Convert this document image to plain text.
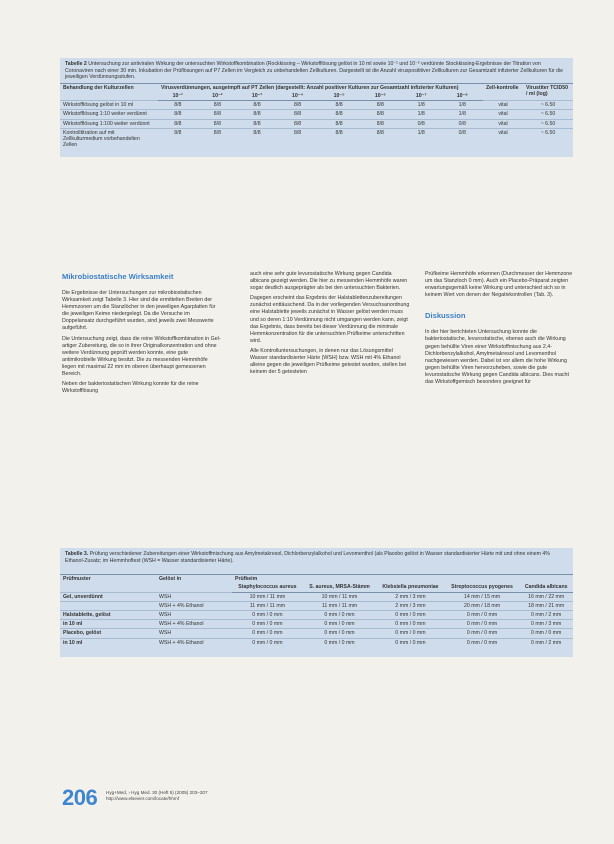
Tabelle 2 Untersuchung zur antiviralen Wirkung der untersuchten Wirkstoffkombination (Rockkissing – Wirkstofflösung gelöst in 10 ml sowie 10⁻¹ und 10⁻² verdünnte Stockkissing-Ergebnisse der Titration von Coronaviren nach einer 30 min. Inkubation der Prüflösungen auf P7 Zellen im Vergleich zu unbehandelten Zellkulturen. Dargestellt ist die Anzahl virusposititiver Zellkulturen zur Gesamtzahl infizierter Zellkulturen für die jeweiligen Verdünnungsstufen.
Behandlung der Kulturzellen	Virusverdünnungen, ausgeimpft auf PT Zellen (dargestellt: Anzahl positiver Kulturen zur Gesamtzahl infizierter Kulturen)								Zell-kontrolle	Virustiter TCID50 / ml (log)
	10⁻¹	10⁻²	10⁻³	10⁻⁴	10⁻⁵	10⁻⁶	10⁻⁷	10⁻⁸		
Wirkstofflösung gelöst in 10 ml	8/8	8/8	8/8	8/8	8/8	8/8	1/8	1/8	vital	~ 6.50
Wirkstofflösung 1:10 weiter verdünnt	8/8	8/8	8/8	8/8	8/8	8/8	1/8	1/8	vital	~ 6.50
Wirkstofflösung 1:100 weiter verdünnt	8/8	8/8	8/8	8/8	8/8	8/8	0/8	0/8	vital	~ 6.50
Kontrolltitration auf mit Zellkulturmedium vorbehandelten Zellen	8/8	8/8	8/8	8/8	8/8	8/8	1/8	0/8	vital	~ 6.50
Mikrobiostatische Wirksamkeit

Die Ergebnisse der Untersuchungen zur mikrobiostatischen Wirksamkeit zeigt Tabelle 3. Hier sind die ermittelten Breiten der Hemmzonen um die Stanzlöcher in den jeweiligen Agarplatten für die jeweiligen Keime niedergelegt. Da die Versuche im Doppelansatz durchgeführt wurden, sind jeweils zwei Messwerte aufgeführt.

Die Untersuchung zeigt, dass die reine Wirkstoffkombination in Gel-artiger Zubereitung, die so in ihrer Originalkonzentration und ohne weitere Verdünnung geprüft werden konnte, eine gute antimikrobielle Wirkung besitzt. Die zu messenden Hemmhöfe liegen mit maximal 22 mm im oberen überhaupt gemessenen Bereich.

Neben der bakteriostatischen Wirkung konnte für die reine Wirkstofflösung

auch eine sehr gute levurostatische Wirkung gegen Candida albicans gezeigt werden. Die hier zu messenden Hemmhöfe waren sogar deutlich ausgeprägter als bei den untersuchten Bakterien.

Dagegen erscheint das Ergebnis der Halstablettenzubereitungen zunächst enttäuschend. Da in der vorliegenden Versuchsanordnung eine Halstablette jeweils zunächst in Wasser gelöst werden muss und so deren 1:10 Verdünnung nicht umgangen werden kann, zeigt das Ergebnis, dass bereits bei dieser Verdünnung die minimale Hemmkonzentration für die untersuchten Prüfkeime unterschritten wird.

Alle Kontrolluntersuchungen, in denen nur das Lösungsmittel Wasser standardisierter Härte (WSH) bzw. WSH mit 4% Ethanol alleine gegen die jeweiligen Prüfkeime getestet wurden, stellen bei keinem der 5 getesteten

Prüfkeime Hemmhöfe erkennen (Durchmesser der Hemmzone um das Stanzloch 0 mm). Auch ein Placebo-Präparat zeigten erwartungsgemäß keine Wirkung und unterschied sich so in keinem Wert von denen der Negativkontrollen (Tab. 3).

Diskussion

In der hier berichteten Untersuchung konnte die bakteriostatische, levurostatische, ebenso auch die Wirkung gegen behüllte Viren einer Wirkstoffmischung aus 2,4-Dichlorbenzylalkohol, Amylmetakresol und Levomenthol nachgewiesen werden. Dabei ist vor allem die hohe Wirkung gegen behüllte Viren hervorzuheben, sowie die gute levurostatische Wirkung gegen Candida albicans. Dies macht das Wirkstoffgemisch besonders geeignet für

Tabelle 3. Prüfung verschiedener Zubereitungen einer Wirkstoffmischung aus Amylmetakresol, Dichlorbenzylalkohol und Levomenthol (als Placebo gelöst in Wasser standardisierter Härte mit und ohne einem 4% Ethanol-Zusatz; im Hemmhoftest (WSH = Wasser standardisierter Härte).
Prüfmuster	Gelöst in	Prüfkeim				
		Staphylococcus aureus	S. aureus, MRSA-Stämm	Klebsiella pneumoniae	Streptococcus pyogenes	Candida albicans
Gel, unverdünnt	WSH	10 mm / 11 mm	10 mm / 11 mm	2 mm / 3 mm	14 mm / 15 mm	16 mm / 22 mm
	WSH + 4% Ethanol	11 mm / 11 mm	11 mm / 11 mm	2 mm / 3 mm	20 mm / 18 mm	18 mm / 21 mm
Halstablette, gelöst	WSH	0 mm / 0 mm	0 mm / 0 mm	0 mm / 0 mm	0 mm / 0 mm	0 mm / 2 mm
in 10 ml	WSH + 4% Ethanol	0 mm / 0 mm	0 mm / 0 mm	0 mm / 0 mm	0 mm / 0 mm	0 mm / 3 mm
Placebo, gelöst	WSH	0 mm / 0 mm	0 mm / 0 mm	0 mm / 0 mm	0 mm / 0 mm	0 mm / 0 mm
in 10 ml	WSH + 4% Ethanol	0 mm / 0 mm	0 mm / 0 mm	0 mm / 0 mm	0 mm / 0 mm	0 mm / 2 mm
206 Hyg+Med, › Hyg Med. 30 (Heft 5) (2005) 203–207
http://www.elsevier.com/locate/hhmf
